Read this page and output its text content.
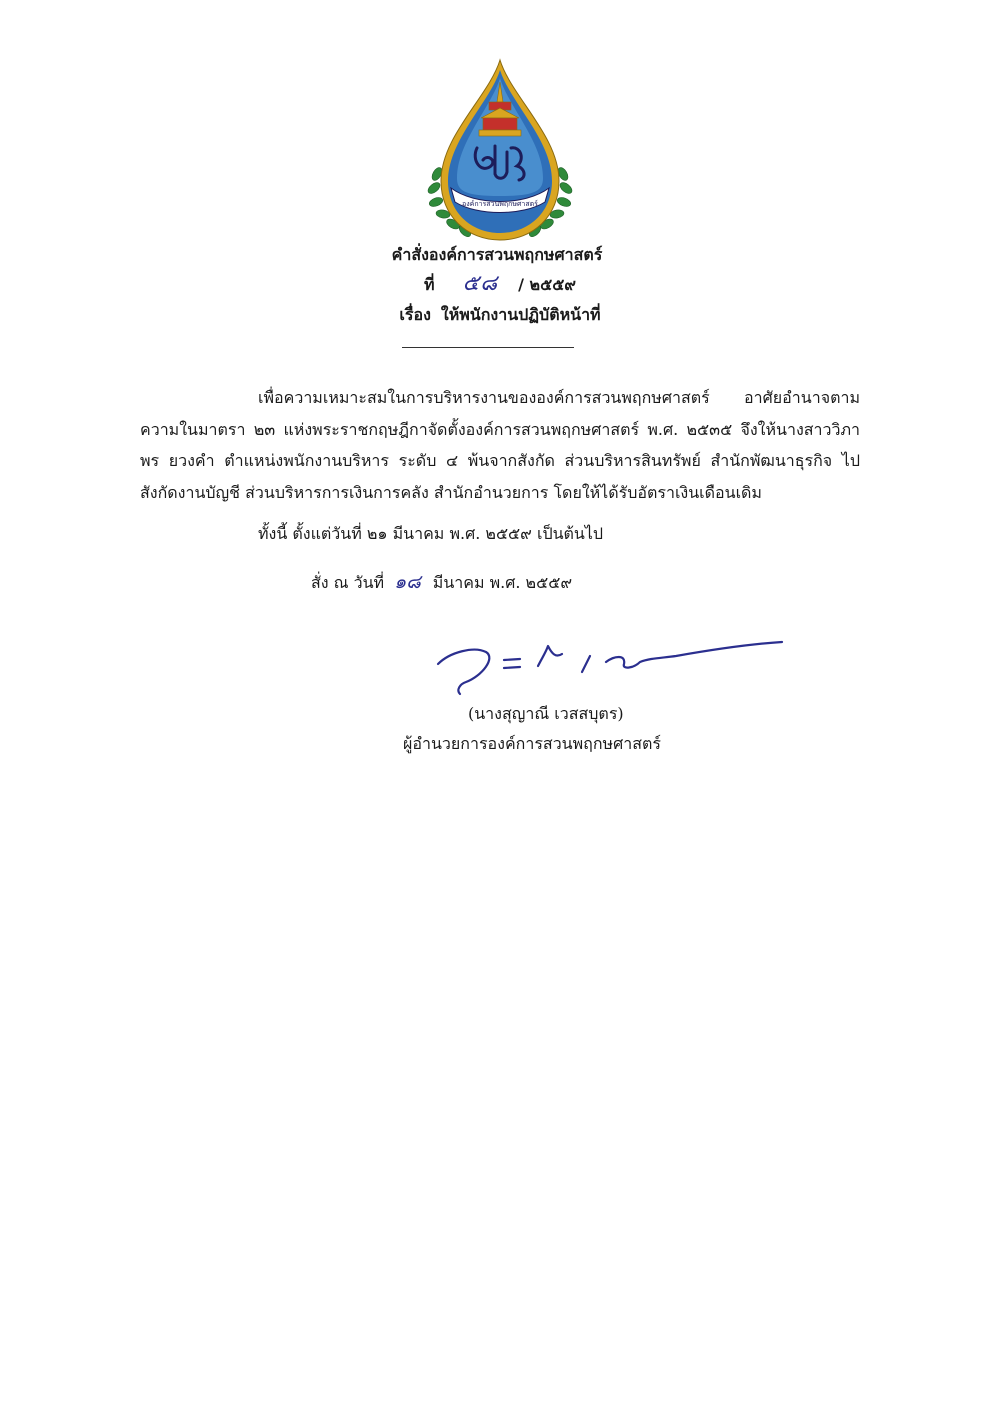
องค์การสวนพฤกษศาสตร์
คำสั่งองค์การสวนพฤกษศาสตร์
ที่ ๕๘ / ๒๕๕๙
เรื่อง ให้พนักงานปฏิบัติหน้าที่

เพื่อความเหมาะสมในการบริหารงานขององค์การสวนพฤกษศาสตร์ อาศัยอำนาจตามความในมาตรา ๒๓ แห่งพระราชกฤษฎีกาจัดตั้งองค์การสวนพฤกษศาสตร์ พ.ศ. ๒๕๓๕ จึงให้นางสาววิภาพร ยวงคำ ตำแหน่งพนักงานบริหาร ระดับ ๔ พ้นจากสังกัด ส่วนบริหารสินทรัพย์ สำนักพัฒนาธุรกิจ ไปสังกัดงานบัญชี ส่วนบริหารการเงินการคลัง สำนักอำนวยการ โดยให้ได้รับอัตราเงินเดือนเดิม

ทั้งนี้ ตั้งแต่วันที่ ๒๑ มีนาคม พ.ศ. ๒๕๕๙ เป็นต้นไป
สั่ง ณ วันที่ ๑๘ มีนาคม พ.ศ. ๒๕๕๙
(นางสุญาณี เวสสบุตร)
ผู้อำนวยการองค์การสวนพฤกษศาสตร์
